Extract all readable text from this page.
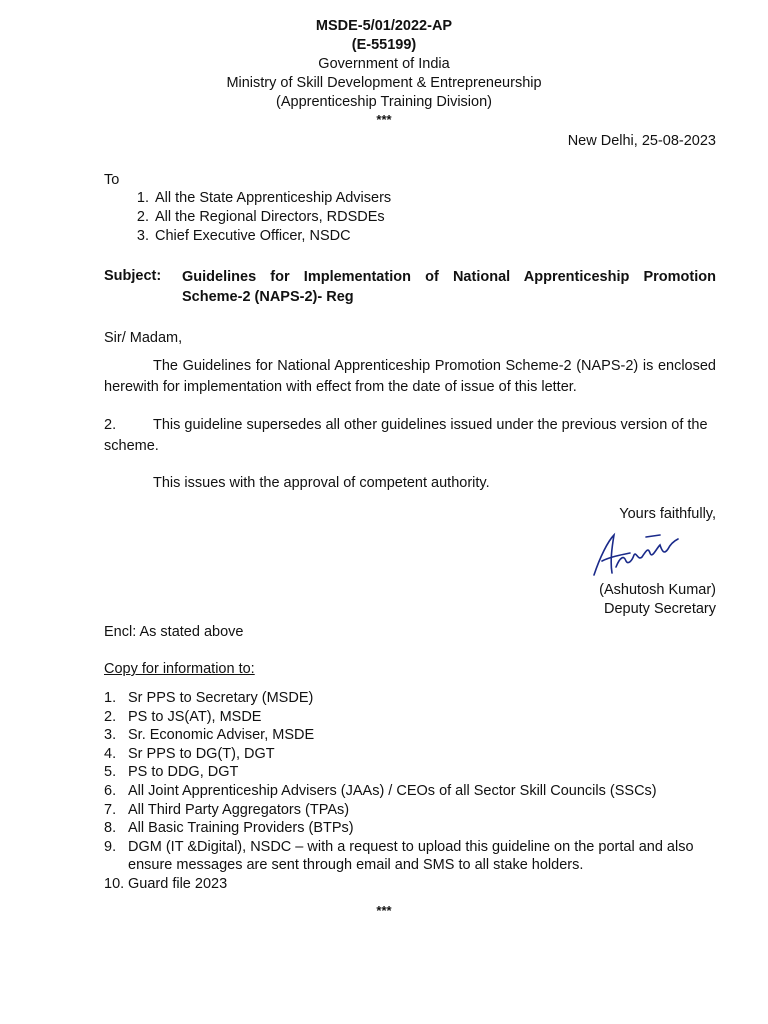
MSDE-5/01/2022-AP
(E-55199)
Government of India
Ministry of Skill Development & Entrepreneurship
(Apprenticeship Training Division)
***
New Delhi, 25-08-2023
To
1. All the State Apprenticeship Advisers
2. All the Regional Directors, RDSDEs
3. Chief Executive Officer, NSDC
Subject: Guidelines for Implementation of National Apprenticeship Promotion Scheme-2 (NAPS-2)- Reg
Sir/ Madam,
The Guidelines for National Apprenticeship Promotion Scheme-2 (NAPS-2) is enclosed herewith for implementation with effect from the date of issue of this letter.
2.	This guideline supersedes all other guidelines issued under the previous version of the scheme.
This issues with the approval of competent authority.
Yours faithfully,
(Ashutosh Kumar)
Deputy Secretary
Encl: As stated above
Copy for information to:
1. Sr PPS to Secretary (MSDE)
2. PS to JS(AT), MSDE
3. Sr. Economic Adviser, MSDE
4. Sr PPS to DG(T), DGT
5. PS to DDG, DGT
6. All Joint Apprenticeship Advisers (JAAs) / CEOs of all Sector Skill Councils (SSCs)
7. All Third Party Aggregators (TPAs)
8. All Basic Training Providers (BTPs)
9. DGM (IT &Digital), NSDC – with a request to upload this guideline on the portal and also ensure messages are sent through email and SMS to all stake holders.
10. Guard file 2023
***
